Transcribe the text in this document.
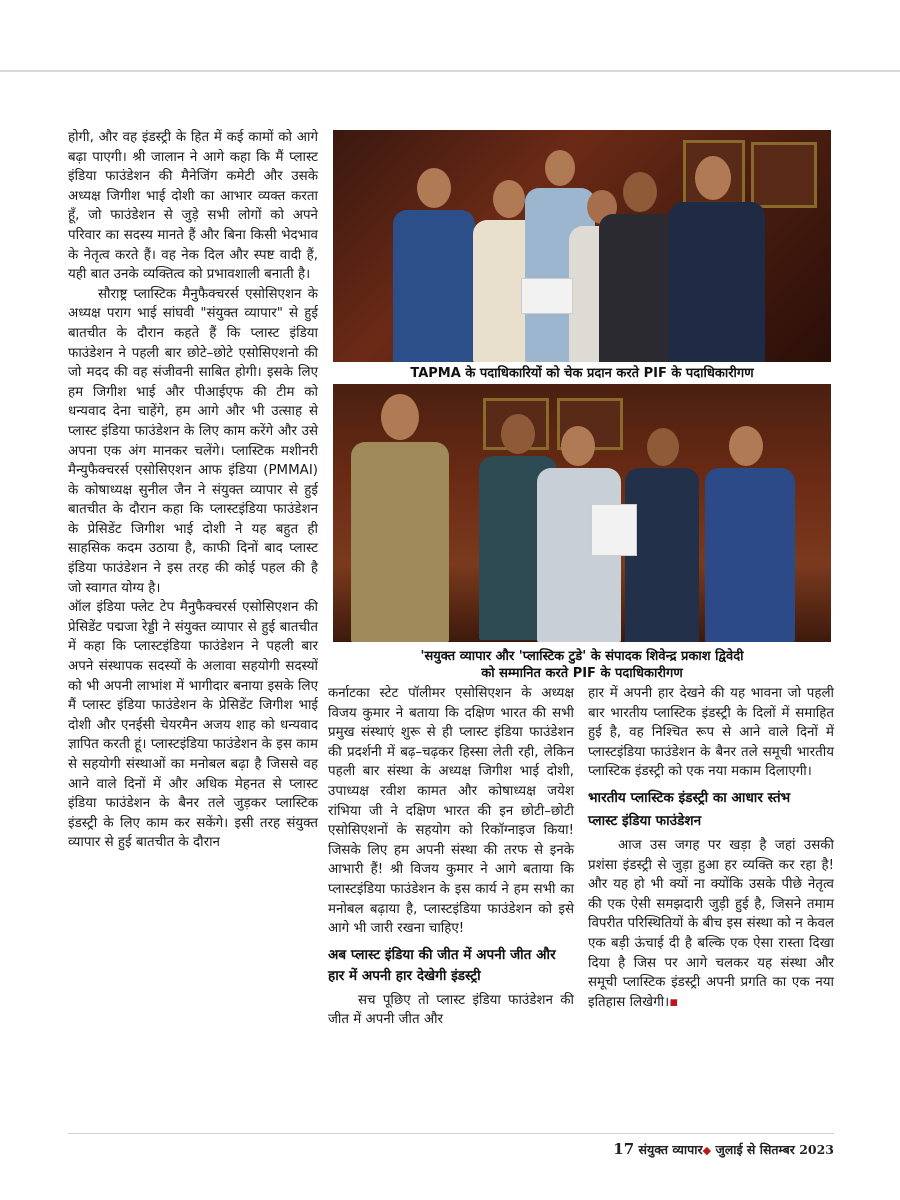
होगी, और वह इंडस्ट्री के हित में कई कामों को आगे बढ़ा पाएगी। श्री जालान ने आगे कहा कि मैं प्लास्ट इंडिया फाउंडेशन की मैनेजिंग कमेटी और उसके अध्यक्ष जिगीश भाई दोशी का आभार व्यक्त करता हूँ, जो फाउंडेशन से जुड़े सभी लोगों को अपने परिवार का सदस्य मानते हैं और बिना किसी भेदभाव के नेतृत्व करते हैं। वह नेक दिल और स्पष्ट वादी हैं, यही बात उनके व्यक्तित्व को प्रभावशाली बनाती है।

सौराष्ट्र प्लास्टिक मैनुफैक्चरर्स एसोसिएशन के अध्यक्ष पराग भाई सांघवी "संयुक्त व्यापार" से हुई बातचीत के दौरान कहते हैं कि प्लास्ट इंडिया फाउंडेशन ने पहली बार छोटे–छोटे एसोसिएशनो की जो मदद की वह संजीवनी साबित होगी। इसके लिए हम जिगीश भाई और पीआईएफ की टीम को धन्यवाद देना चाहेंगे, हम आगे और भी उत्साह से प्लास्ट इंडिया फाउंडेशन के लिए काम करेंगे और उसे अपना एक अंग मानकर चलेंगे। प्लास्टिक मशीनरी मैन्युफैक्चरर्स एसोसिएशन आफ इंडिया (PMMAI) के कोषाध्यक्ष सुनील जैन ने संयुक्त व्यापार से हुई बातचीत के दौरान कहा कि प्लास्टइंडिया फाउंडेशन के प्रेसिडेंट जिगीश भाई दोशी ने यह बहुत ही साहसिक कदम उठाया है, काफी दिनों बाद प्लास्ट इंडिया फाउंडेशन ने इस तरह की कोई पहल की है जो स्वागत योग्य है।

ऑल इंडिया फ्लेट टेप मैनुफैक्चरर्स एसोसिएशन की प्रेसिडेंट पद्मजा रेड्डी ने संयुक्त व्यापार से हुई बातचीत में कहा कि प्लास्टइंडिया फाउंडेशन ने पहली बार अपने संस्थापक सदस्यों के अलावा सहयोगी सदस्यों को भी अपनी लाभांश में भागीदार बनाया इसके लिए मैं प्लास्ट इंडिया फाउंडेशन के प्रेसिडेंट जिगीश भाई दोशी और एनईसी चेयरमैन अजय शाह को धन्यवाद ज्ञापित करती हूं। प्लास्टइंडिया फाउंडेशन के इस काम से सहयोगी संस्थाओं का मनोबल बढ़ा है जिससे वह आने वाले दिनों में और अधिक मेहनत से प्लास्ट इंडिया फाउंडेशन के बैनर तले जुड़कर प्लास्टिक इंडस्ट्री के लिए काम कर सकेंगे। इसी तरह संयुक्त व्यापार से हुई बातचीत के दौरान

TAPMA के पदाधिकारियों को चेक प्रदान करते PIF के पदाधिकारीगण
'सयुक्त व्यापार और 'प्लास्टिक टुडे' के संपादक शिवेन्द्र प्रकाश द्विवेदी
को सम्मानित करते PIF के पदाधिकारीगण

कर्नाटका स्टेट पॉलीमर एसोसिएशन के अध्यक्ष विजय कुमार ने बताया कि दक्षिण भारत की सभी प्रमुख संस्थाएं शुरू से ही प्लास्ट इंडिया फाउंडेशन की प्रदर्शनी में बढ़–चढ़कर हिस्सा लेती रही, लेकिन पहली बार संस्था के अध्यक्ष जिगीश भाई दोशी, उपाध्यक्ष रवीश कामत और कोषाध्यक्ष जयेश रांभिया जी ने दक्षिण भारत की इन छोटी–छोटी एसोसिएशनों के सहयोग को रिकॉग्नाइज किया! जिसके लिए हम अपनी संस्था की तरफ से इनके आभारी हैं! श्री विजय कुमार ने आगे बताया कि प्लास्टइंडिया फाउंडेशन के इस कार्य ने हम सभी का मनोबल बढ़ाया है, प्लास्टइंडिया फाउंडेशन को इसे आगे भी जारी रखना चाहिए!

अब प्लास्ट इंडिया की जीत में अपनी जीत और हार में अपनी हार देखेगी इंडस्ट्री

सच पूछिए तो प्लास्ट इंडिया फाउंडेशन की जीत में अपनी जीत और

हार में अपनी हार देखने की यह भावना जो पहली बार भारतीय प्लास्टिक इंडस्ट्री के दिलों में समाहित हुई है, वह निश्चित रूप से आने वाले दिनों में प्लास्टइंडिया फाउंडेशन के बैनर तले समूची भारतीय प्लास्टिक इंडस्ट्री को एक नया मकाम दिलाएगी।

भारतीय प्लास्टिक इंडस्ट्री का आधार स्तंभ
प्लास्ट इंडिया फाउंडेशन

आज उस जगह पर खड़ा है जहां उसकी प्रशंसा इंडस्ट्री से जुड़ा हुआ हर व्यक्ति कर रहा है! और यह हो भी क्यों ना क्योंकि उसके पीछे नेतृत्व की एक ऐसी समझदारी जुड़ी हुई है, जिसने तमाम विपरीत परिस्थितियों के बीच इस संस्था को न केवल एक बड़ी ऊंचाई दी है बल्कि एक ऐसा रास्ता दिखा दिया है जिस पर आगे चलकर यह संस्था और समूची प्लास्टिक इंडस्ट्री अपनी प्रगति का एक नया इतिहास लिखेगी।▪

17 संयुक्त व्यापार◆ जुलाई से सितम्बर 2023
